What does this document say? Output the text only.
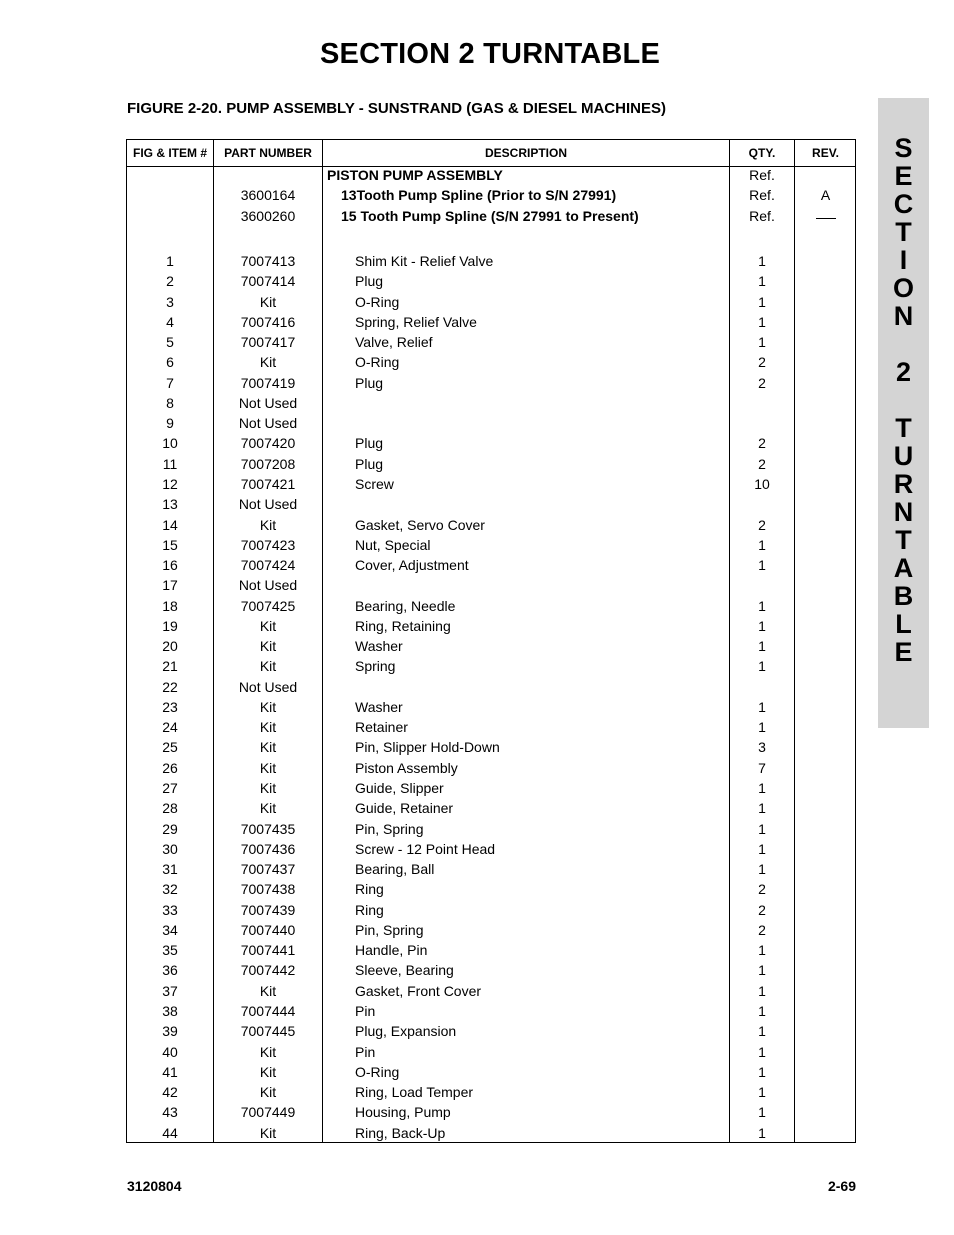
SECTION 2 TURNTABLE
FIGURE 2-20. PUMP ASSEMBLY - SUNSTRAND (GAS & DIESEL MACHINES)
S
E
C
T
I
O
N
2
T
U
R
N
T
A
B
L
E
FIG & ITEM #	PART NUMBER	DESCRIPTION	QTY.	REV.
PISTON PUMP ASSEMBLY	Ref.
3600164	13Tooth Pump Spline (Prior to S/N 27991)	Ref.	A
3600260	15 Tooth Pump Spline (S/N 27991 to Present)	Ref.
1	7007413	Shim Kit - Relief Valve	1
2	7007414	Plug	1
3	Kit	O-Ring	1
4	7007416	Spring, Relief Valve	1
5	7007417	Valve, Relief	1
6	Kit	O-Ring	2
7	7007419	Plug	2
8	Not Used
9	Not Used
10	7007420	Plug	2
11	7007208	Plug	2
12	7007421	Screw	10
13	Not Used
14	Kit	Gasket, Servo Cover	2
15	7007423	Nut, Special	1
16	7007424	Cover, Adjustment	1
17	Not Used
18	7007425	Bearing, Needle	1
19	Kit	Ring, Retaining	1
20	Kit	Washer	1
21	Kit	Spring	1
22	Not Used
23	Kit	Washer	1
24	Kit	Retainer	1
25	Kit	Pin, Slipper Hold-Down	3
26	Kit	Piston Assembly	7
27	Kit	Guide, Slipper	1
28	Kit	Guide, Retainer	1
29	7007435	Pin, Spring	1
30	7007436	Screw - 12 Point Head	1
31	7007437	Bearing, Ball	1
32	7007438	Ring	2
33	7007439	Ring	2
34	7007440	Pin, Spring	2
35	7007441	Handle, Pin	1
36	7007442	Sleeve, Bearing	1
37	Kit	Gasket, Front Cover	1
38	7007444	Pin	1
39	7007445	Plug, Expansion	1
40	Kit	Pin	1
41	Kit	O-Ring	1
42	Kit	Ring, Load Temper	1
43	7007449	Housing, Pump	1
44	Kit	Ring, Back-Up	1
3120804	2-69
